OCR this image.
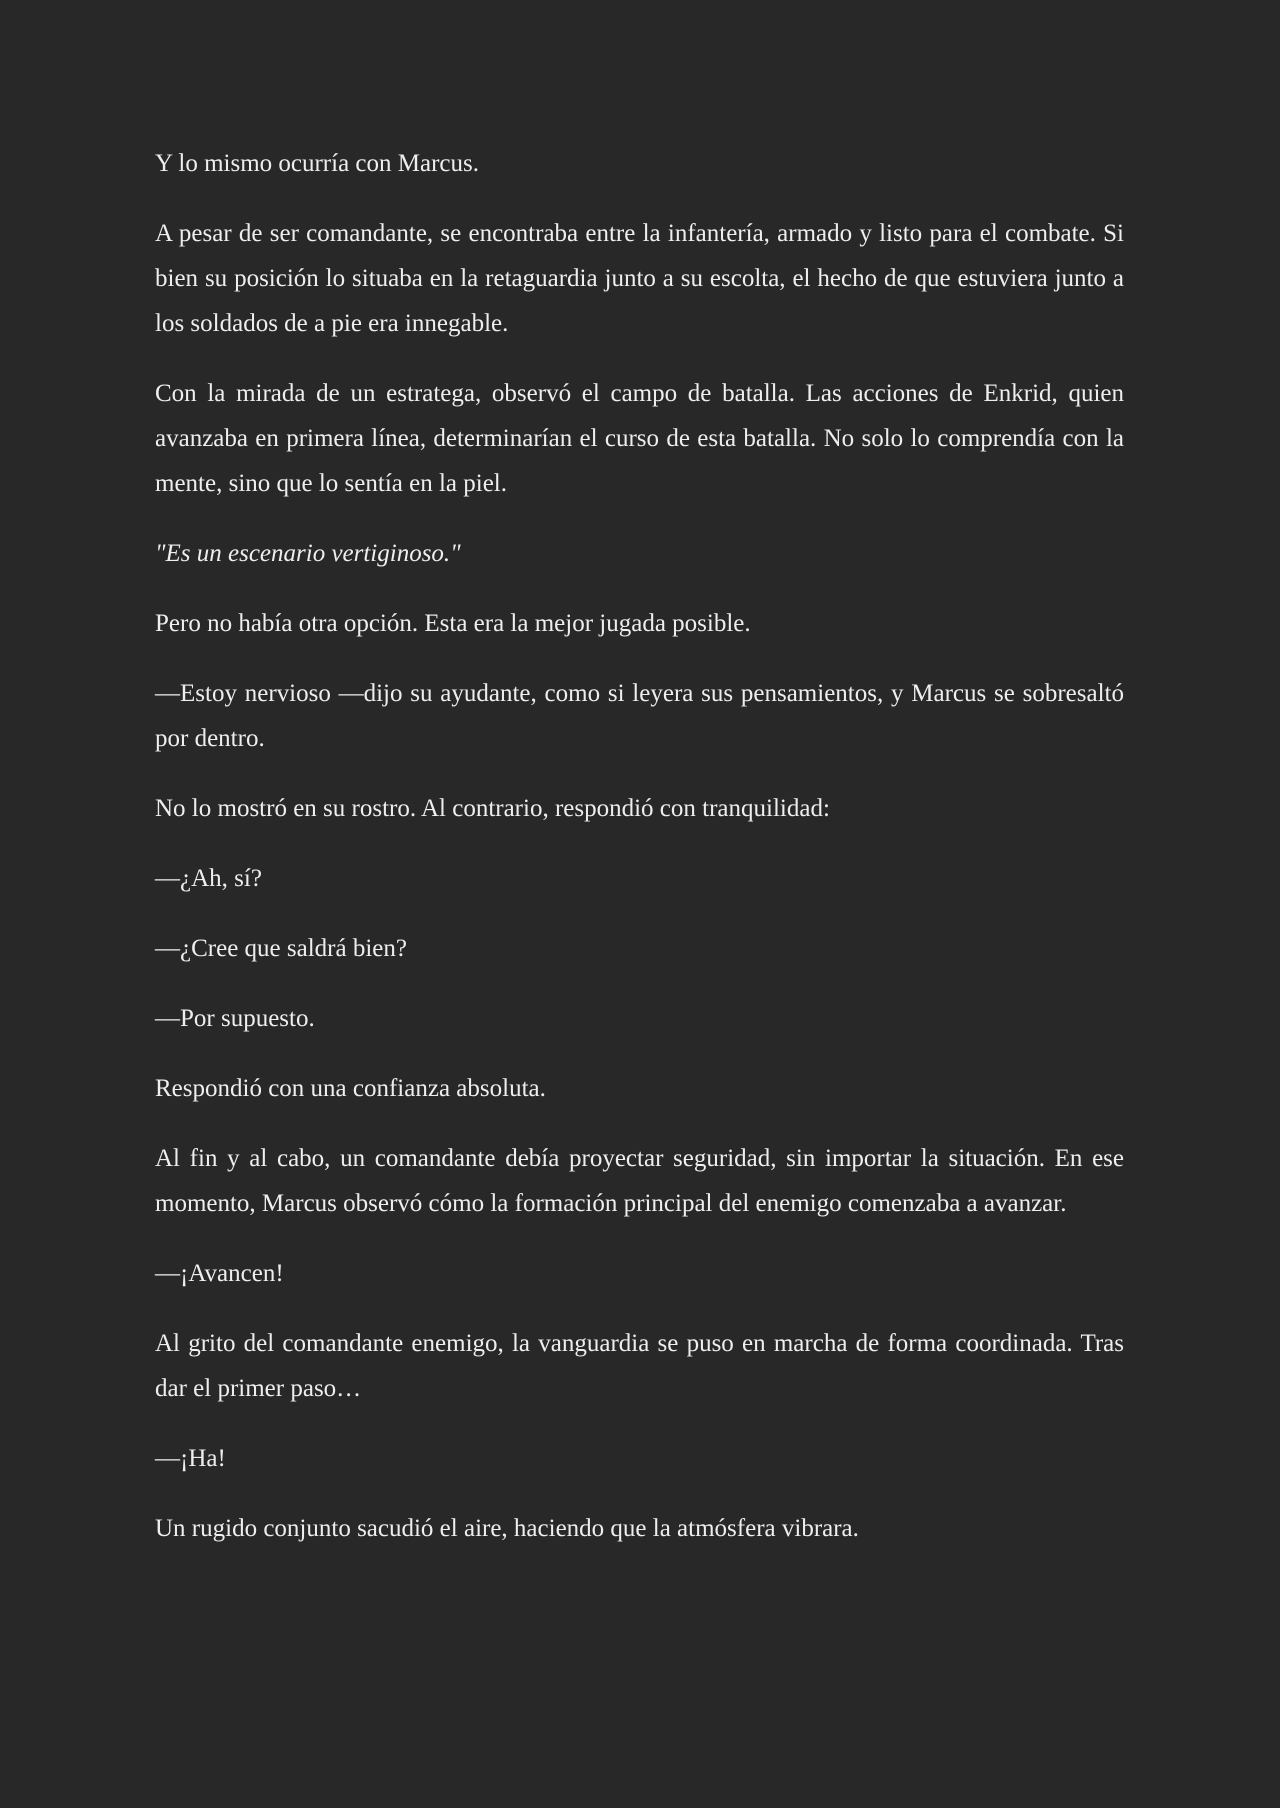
Y lo mismo ocurría con Marcus.

A pesar de ser comandante, se encontraba entre la infantería, armado y listo para el combate. Si bien su posición lo situaba en la retaguardia junto a su escolta, el hecho de que estuviera junto a los soldados de a pie era innegable.

Con la mirada de un estratega, observó el campo de batalla. Las acciones de Enkrid, quien avanzaba en primera línea, determinarían el curso de esta batalla. No solo lo comprendía con la mente, sino que lo sentía en la piel.

"Es un escenario vertiginoso."

Pero no había otra opción. Esta era la mejor jugada posible.

—Estoy nervioso —dijo su ayudante, como si leyera sus pensamientos, y Marcus se sobresaltó por dentro.

No lo mostró en su rostro. Al contrario, respondió con tranquilidad:

—¿Ah, sí?

—¿Cree que saldrá bien?

—Por supuesto.

Respondió con una confianza absoluta.

Al fin y al cabo, un comandante debía proyectar seguridad, sin importar la situación. En ese momento, Marcus observó cómo la formación principal del enemigo comenzaba a avanzar.

—¡Avancen!

Al grito del comandante enemigo, la vanguardia se puso en marcha de forma coordinada. Tras dar el primer paso…

—¡Ha!

Un rugido conjunto sacudió el aire, haciendo que la atmósfera vibrara.
